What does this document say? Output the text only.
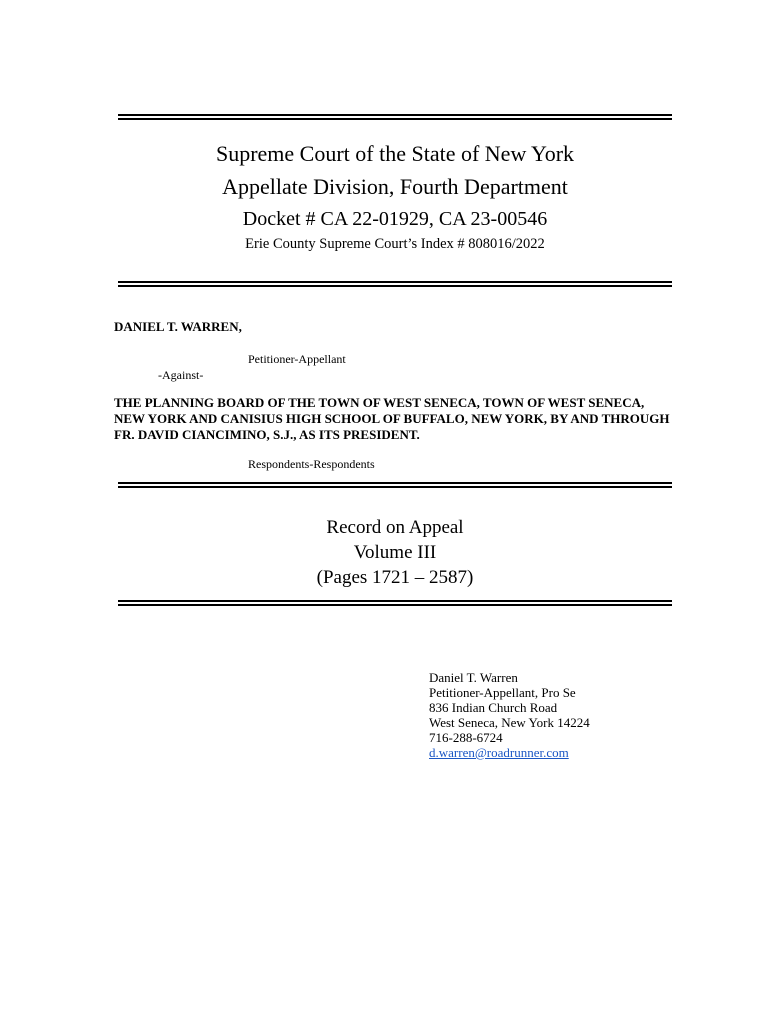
Supreme Court of the State of New York
Appellate Division, Fourth Department
Docket # CA 22-01929, CA 23-00546
Erie County Supreme Court’s Index # 808016/2022
DANIEL T. WARREN,
Petitioner-Appellant
-Against-
THE PLANNING BOARD OF THE TOWN OF WEST SENECA, TOWN OF WEST SENECA, NEW YORK AND CANISIUS HIGH SCHOOL OF BUFFALO, NEW YORK, BY AND THROUGH FR. DAVID CIANCIMINO, S.J., AS ITS PRESIDENT.
Respondents-Respondents
Record on Appeal
Volume III
(Pages 1721 – 2587)
Daniel T. Warren
Petitioner-Appellant, Pro Se
836 Indian Church Road
West Seneca, New York 14224
716-288-6724
d.warren@roadrunner.com
